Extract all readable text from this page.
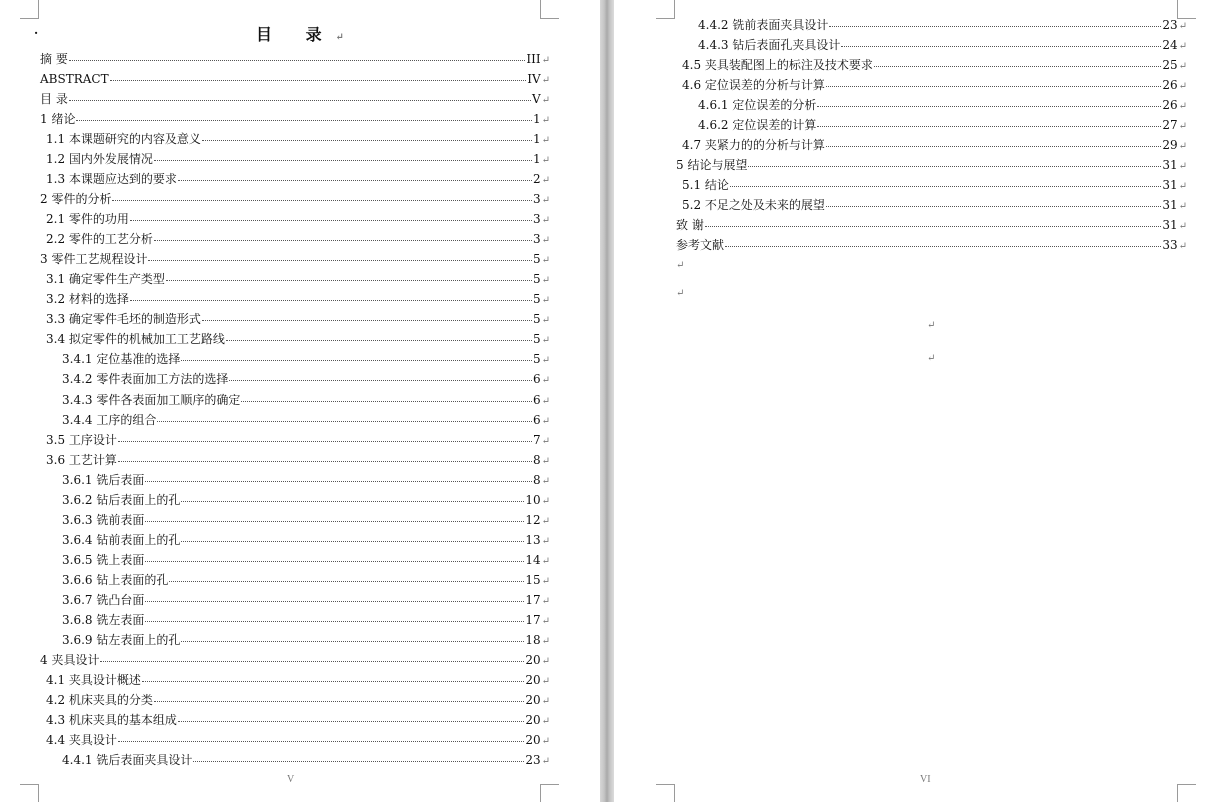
·	目 录↵
摘 要	III ↵
ABSTRACT	IV ↵
目 录	V ↵
1 绪论	1 ↵
1.1 本课题研究的内容及意义	1 ↵
1.2 国内外发展情况	1 ↵
1.3 本课题应达到的要求	2 ↵
2 零件的分析	3 ↵
2.1 零件的功用	3 ↵
2.2 零件的工艺分析	3 ↵
3 零件工艺规程设计	5 ↵
3.1 确定零件生产类型	5 ↵
3.2 材料的选择	5 ↵
3.3 确定零件毛坯的制造形式	5 ↵
3.4 拟定零件的机械加工工艺路线	5 ↵
3.4.1 定位基准的选择	5 ↵
3.4.2 零件表面加工方法的选择	6 ↵
3.4.3 零件各表面加工顺序的确定	6 ↵
3.4.4 工序的组合	6 ↵
3.5 工序设计	7 ↵
3.6 工艺计算	8 ↵
3.6.1 铣后表面	8 ↵
3.6.2 钻后表面上的孔	10 ↵
3.6.3 铣前表面	12 ↵
3.6.4 钻前表面上的孔	13 ↵
3.6.5 铣上表面	14 ↵
3.6.6 钻上表面的孔	15 ↵
3.6.7 铣凸台面	17 ↵
3.6.8 铣左表面	17 ↵
3.6.9 钻左表面上的孔	18 ↵
4 夹具设计	20 ↵
4.1 夹具设计概述	20 ↵
4.2 机床夹具的分类	20 ↵
4.3 机床夹具的基本组成	20 ↵
4.4 夹具设计	20 ↵
4.4.1 铣后表面夹具设计	23 ↵
V
4.4.2 铣前表面夹具设计	23 ↵
4.4.3 钻后表面孔夹具设计	24 ↵
4.5 夹具装配图上的标注及技术要求	25 ↵
4.6 定位误差的分析与计算	26 ↵
4.6.1 定位误差的分析	26 ↵
4.6.2 定位误差的计算	27 ↵
4.7 夹紧力的的分析与计算	29 ↵
5 结论与展望	31 ↵
5.1 结论	31 ↵
5.2 不足之处及未来的展望	31 ↵
致 谢	31 ↵
参考文献	33 ↵
↵
↵
↵
↵
VI
